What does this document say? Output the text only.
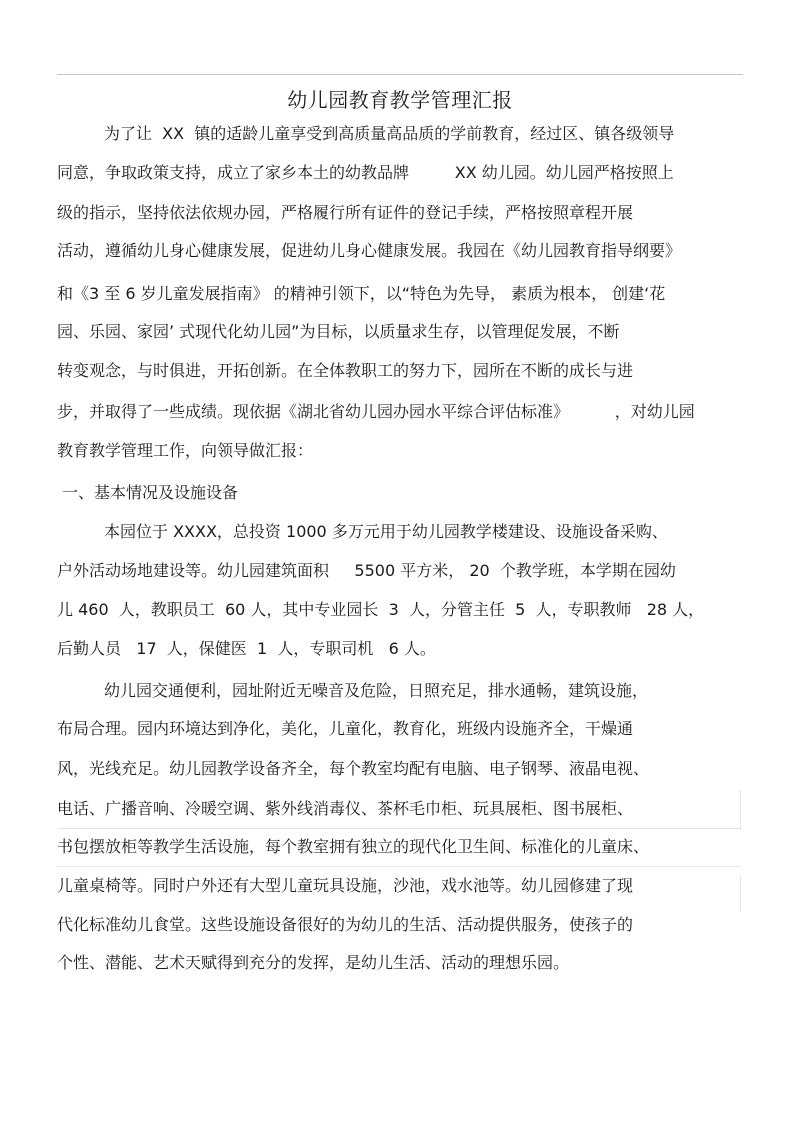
幼儿园教育教学管理汇报
为了让  XX  镇的适龄儿童享受到高质量高品质的学前教育，经过区、镇各级领导
同意，争取政策支持，成立了家乡本土的幼教品牌         XX 幼儿园。幼儿园严格按照上
级的指示，坚持依法依规办园，严格履行所有证件的登记手续，严格按照章程开展
活动，遵循幼儿身心健康发展，促进幼儿身心健康发展。我园在《幼儿园教育指导纲要》
和《3 至 6 岁儿童发展指南》 的精神引领下，以“特色为先导， 素质为根本， 创建‘花
园、乐园、家园’ 式现代化幼儿园”为目标，以质量求生存，以管理促发展，不断
转变观念，与时俱进，开拓创新。在全体教职工的努力下，园所在不断的成长与进
步，并取得了一些成绩。现依据《湖北省幼儿园办园水平综合评估标准》         ，对幼儿园
教育教学管理工作，向领导做汇报：
一、基本情况及设施设备
本园位于 XXXX，总投资 1000 多万元用于幼儿园教学楼建设、设施设备采购、
户外活动场地建设等。幼儿园建筑面积     5500 平方米， 20  个教学班，本学期在园幼
儿 460  人，教职员工  60 人，其中专业园长  3  人，分管主任  5  人，专职教师   28 人，
后勤人员   17  人，保健医  1  人，专职司机   6 人。
幼儿园交通便利，园址附近无噪音及危险，日照充足，排水通畅，建筑设施，
布局合理。园内环境达到净化，美化，儿童化，教育化，班级内设施齐全，干燥通
风，光线充足。幼儿园教学设备齐全，每个教室均配有电脑、电子钢琴、液晶电视、
电话、广播音响、冷暖空调、紫外线消毒仪、茶杯毛巾柜、玩具展柜、图书展柜、
书包摆放柜等教学生活设施，每个教室拥有独立的现代化卫生间、标准化的儿童床、
儿童桌椅等。同时户外还有大型儿童玩具设施，沙池，戏水池等。幼儿园修建了现
代化标准幼儿食堂。这些设施设备很好的为幼儿的生活、活动提供服务，使孩子的
个性、潜能、艺术天赋得到充分的发挥，是幼儿生活、活动的理想乐园。
